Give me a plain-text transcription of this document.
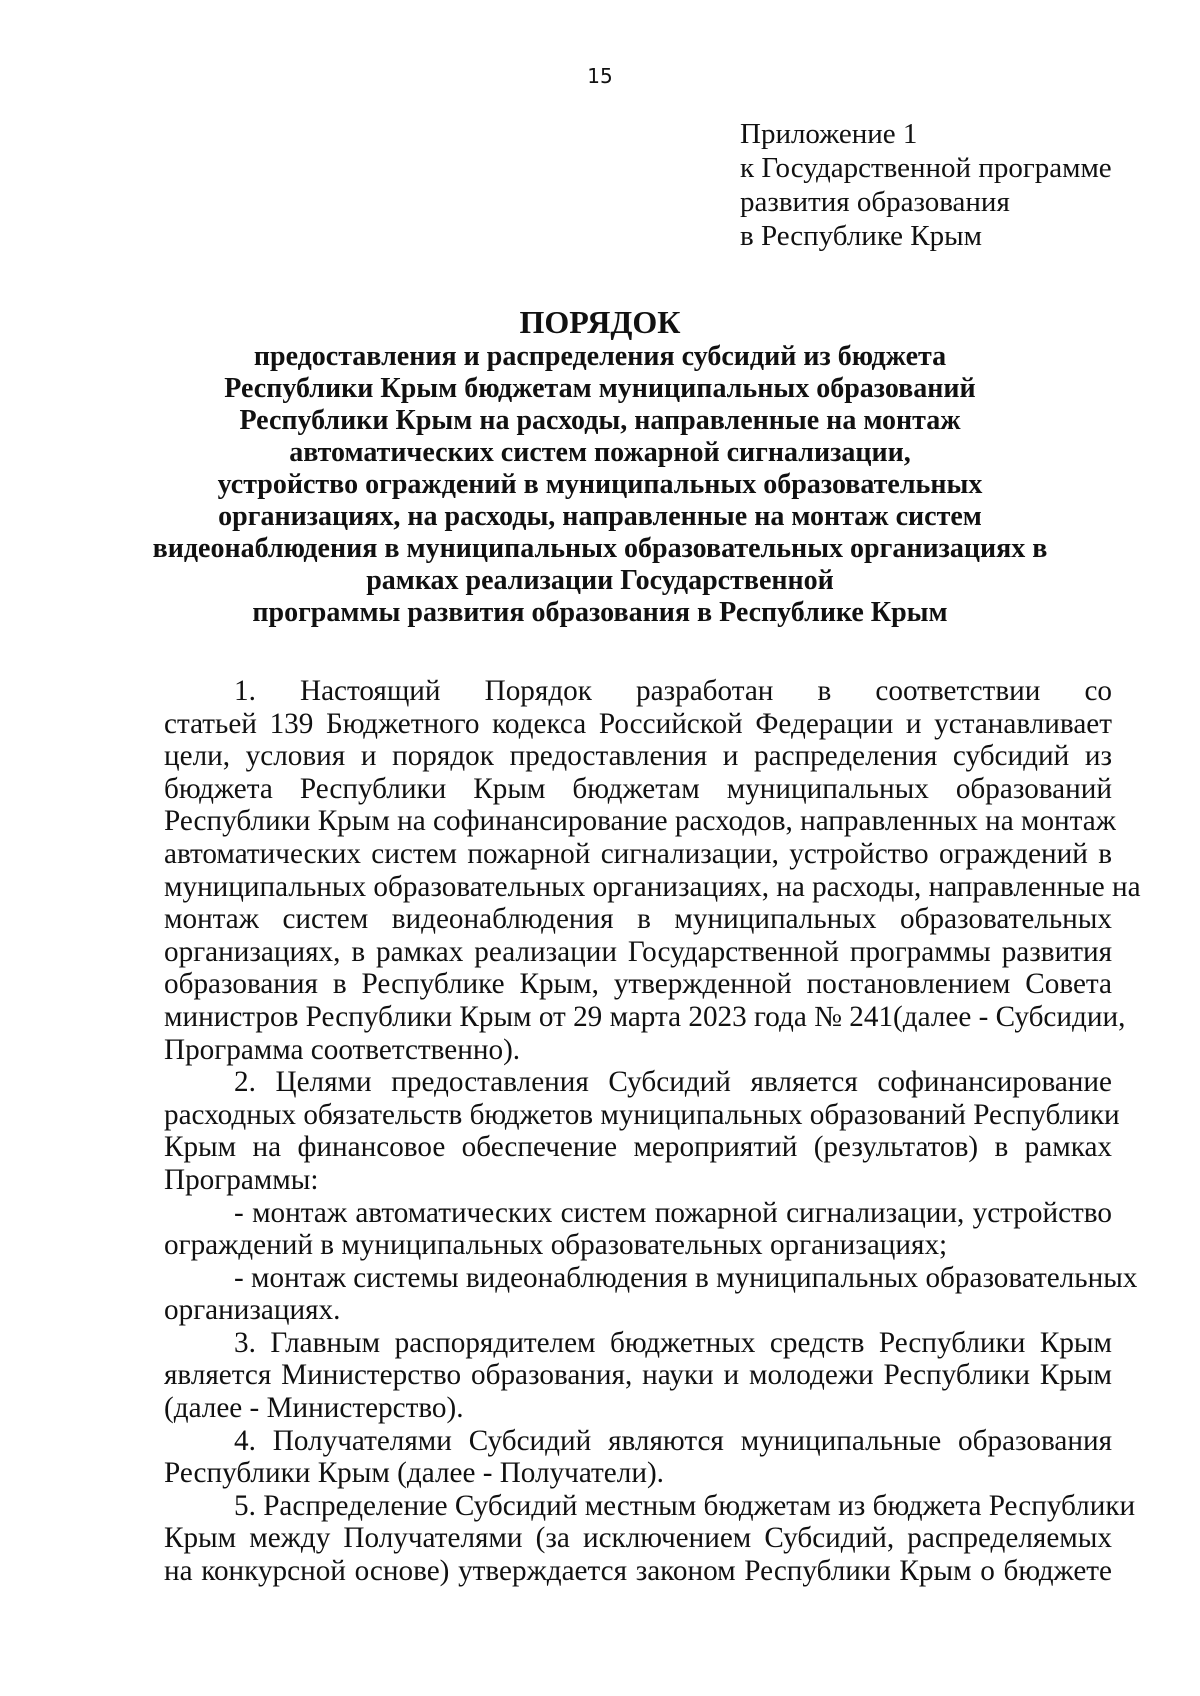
15
Приложение 1
к Государственной программе
развития образования
в Республике Крым
ПОРЯДОК
предоставления и распределения субсидий из бюджета
Республики Крым бюджетам муниципальных образований
Республики Крым на расходы, направленные на монтаж
автоматических систем пожарной сигнализации,
устройство ограждений в муниципальных образовательных
организациях, на расходы, направленные на монтаж систем
видеонаблюдения в муниципальных образовательных организациях в
рамках реализации Государственной
программы развития образования в Республике Крым
1. Настоящий Порядок разработан в соответствии со
статьей 139 Бюджетного кодекса Российской Федерации и устанавливает
цели, условия и порядок предоставления и распределения субсидий из
бюджета Республики Крым бюджетам муниципальных образований
Республики Крым на софинансирование расходов, направленных на монтаж
автоматических систем пожарной сигнализации, устройство ограждений в
муниципальных образовательных организациях, на расходы, направленные на
монтаж систем видеонаблюдения в муниципальных образовательных
организациях, в рамках реализации Государственной программы развития
образования в Республике Крым, утвержденной постановлением Совета
министров Республики Крым от 29 марта 2023 года № 241(далее - Субсидии,
Программа соответственно).
2. Целями предоставления Субсидий является софинансирование
расходных обязательств бюджетов муниципальных образований Республики
Крым на финансовое обеспечение мероприятий (результатов) в рамках
Программы:
- монтаж автоматических систем пожарной сигнализации, устройство
ограждений в муниципальных образовательных организациях;
- монтаж системы видеонаблюдения в муниципальных образовательных
организациях.
3. Главным распорядителем бюджетных средств Республики Крым
является Министерство образования, науки и молодежи Республики Крым
(далее - Министерство).
4. Получателями Субсидий являются муниципальные образования
Республики Крым (далее - Получатели).
5. Распределение Субсидий местным бюджетам из бюджета Республики
Крым между Получателями (за исключением Субсидий, распределяемых
на конкурсной основе) утверждается законом Республики Крым о бюджете
